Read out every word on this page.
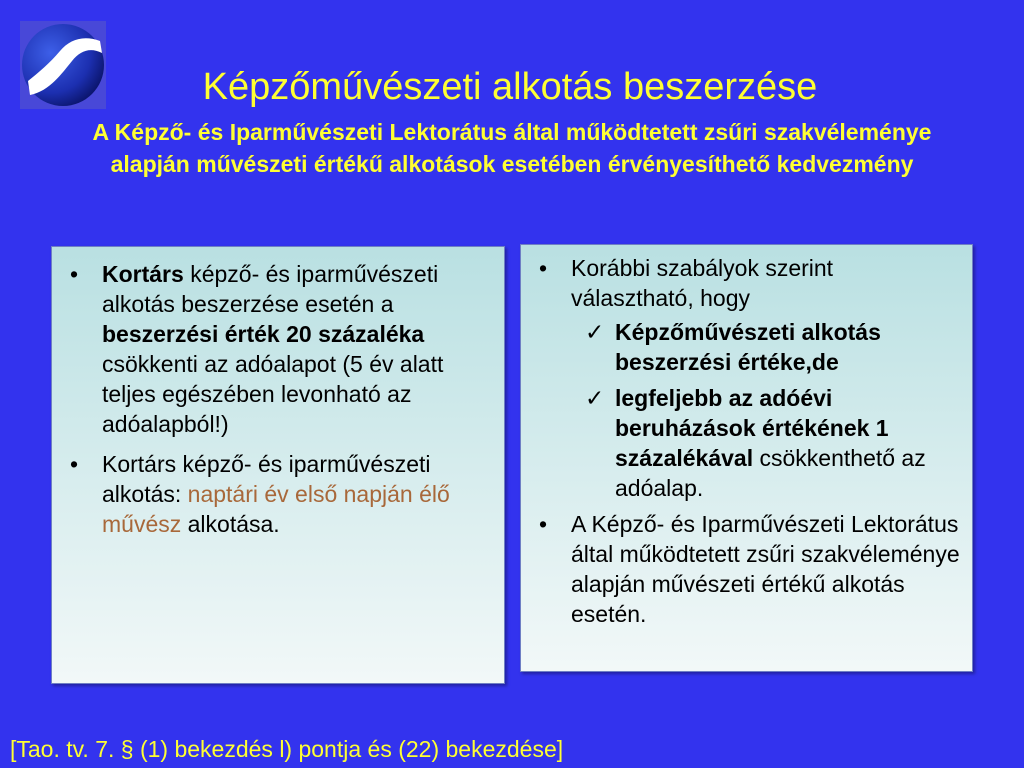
Képzőművészeti alkotás beszerzése
A Képző- és Iparművészeti Lektorátus által működtetett zsűri szakvéleménye alapján művészeti értékű alkotások esetében érvényesíthető kedvezmény
• Kortárs képző- és iparművészeti alkotás beszerzése esetén a beszerzési érték 20 százaléka csökkenti az adóalapot (5 év alatt teljes egészében levonható az adóalapból!)
• Kortárs képző- és iparművészeti alkotás: naptári év első napján élő művész alkotása.
• Korábbi szabályok szerint választható, hogy
✓ Képzőművészeti alkotás beszerzési értéke,de
✓ legfeljebb az adóévi beruházások értékének 1 százalékával csökkenthető az adóalap.
• A Képző- és Iparművészeti Lektorátus által működtetett zsűri szakvéleménye alapján művészeti értékű alkotás esetén.
[Tao. tv. 7. § (1) bekezdés l) pontja és (22) bekezdése]
